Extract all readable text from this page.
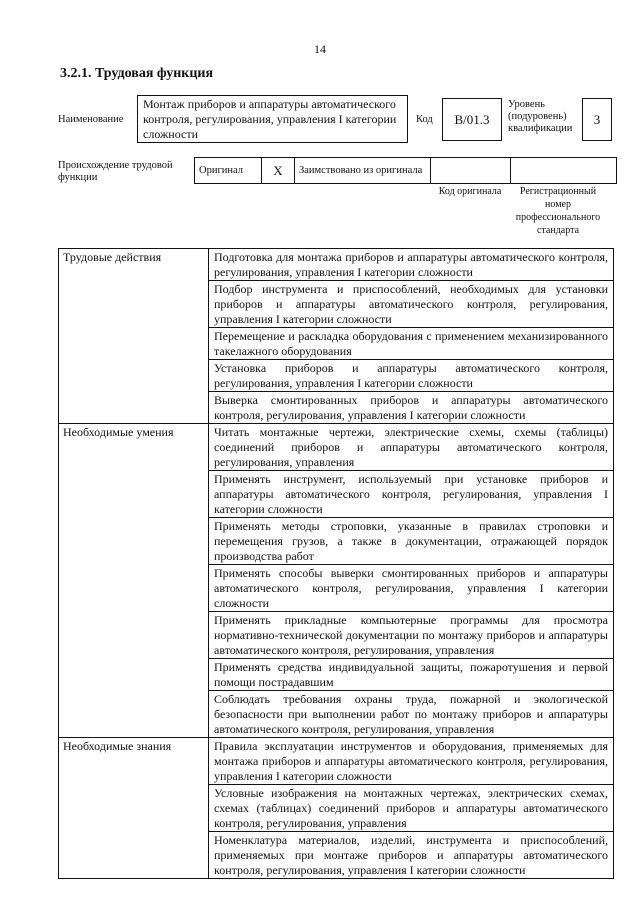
14
3.2.1. Трудовая функция
Наименование
Монтаж приборов и аппаратуры автоматического контроля, регулирования, управления I категории сложности
Код B/01.3
Уровень (подуровень) квалификации
3
Происхождение трудовой функции
Оригинал	X	Заимствовано из оригинала		
Код оригинала	Регистрационный номер профессионального стандарта
Трудовые действия	Подготовка для монтажа приборов и аппаратуры автоматического контроля, регулирования, управления I категории сложности
	Подбор инструмента и приспособлений, необходимых для установки приборов и аппаратуры автоматического контроля, регулирования, управления I категории сложности
	Перемещение и раскладка оборудования с применением механизированного такелажного оборудования
	Установка приборов и аппаратуры автоматического контроля, регулирования, управления I категории сложности
	Выверка смонтированных приборов и аппаратуры автоматического контроля, регулирования, управления I категории сложности
Необходимые умения	Читать монтажные чертежи, электрические схемы, схемы (таблицы) соединений приборов и аппаратуры автоматического контроля, регулирования, управления
	Применять инструмент, используемый при установке приборов и аппаратуры автоматического контроля, регулирования, управления I категории сложности
	Применять методы строповки, указанные в правилах строповки и перемещения грузов, а также в документации, отражающей порядок производства работ
	Применять способы выверки смонтированных приборов и аппаратуры автоматического контроля, регулирования, управления I категории сложности
	Применять прикладные компьютерные программы для просмотра нормативно-технической документации по монтажу приборов и аппаратуры автоматического контроля, регулирования, управления
	Применять средства индивидуальной защиты, пожаротушения и первой помощи пострадавшим
	Соблюдать требования охраны труда, пожарной и экологической безопасности при выполнении работ по монтажу приборов и аппаратуры автоматического контроля, регулирования, управления
Необходимые знания	Правила эксплуатации инструментов и оборудования, применяемых для монтажа приборов и аппаратуры автоматического контроля, регулирования, управления I категории сложности
	Условные изображения на монтажных чертежах, электрических схемах, схемах (таблицах) соединений приборов и аппаратуры автоматического контроля, регулирования, управления
	Номенклатура материалов, изделий, инструмента и приспособлений, применяемых при монтаже приборов и аппаратуры автоматического контроля, регулирования, управления I категории сложности
